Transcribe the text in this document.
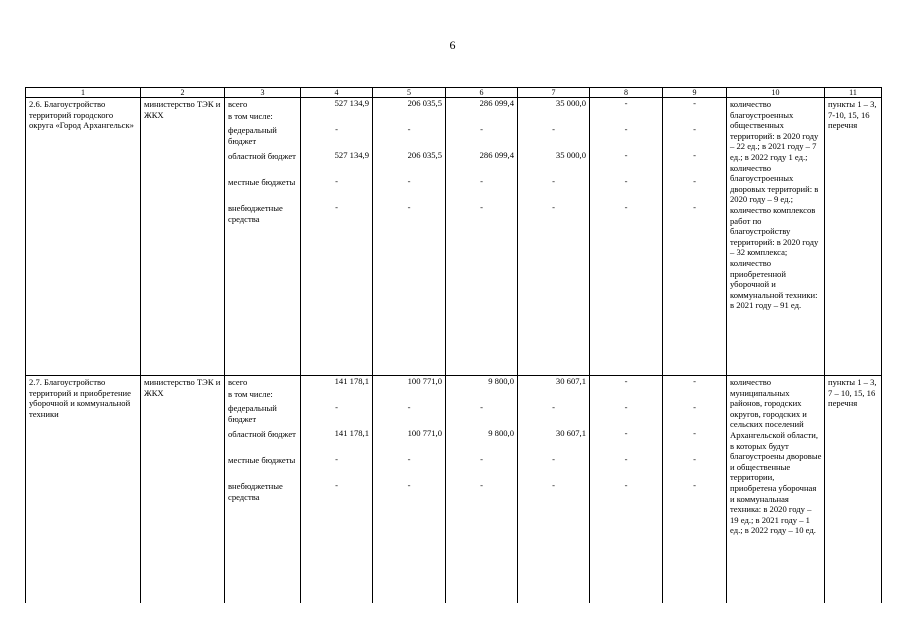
6
1	2	3	4	5	6	7	8	9	10	11
2.6. Благоустройство территорий городского округа «Город Архангельск»	министерство ТЭК и ЖКХ	всего	527 134,9	206 035,5	286 099,4	35 000,0	-	-	количество благоустроенных общественных территорий: в 2020 году – 22 ед.; в 2021 году – 7 ед.; в 2022 году 1 ед.; количество благоустроенных дворовых территорий: в 2020 году – 9 ед.; количество комплексов работ по благоустройству территорий: в 2020 году – 32 комплекса; количество приобретенной уборочной и коммунальной техники: в 2021 году – 91 ед.	пункты 1 – 3, 7-10, 15, 16 перечня
		в том числе:								
		федеральный бюджет	-	-	-	-	-	-		
		областной бюджет	527 134,9	206 035,5	286 099,4	35 000,0	-	-		
		местные бюджеты	-	-	-	-	-	-		
		внебюджетные средства	-	-	-	-	-	-		

2.7. Благоустройство территорий и приобретение уборочной и коммунальной техники	министерство ТЭК и ЖКХ	всего	141 178,1	100 771,0	9 800,0	30 607,1	-	-	количество муниципальных районов, городских округов, городских и сельских поселений Архангельской области, в которых будут благоустроены дворовые и общественные территории, приобретена уборочная и коммунальная техника: в 2020 году – 19 ед.; в 2021 году – 1 ед.; в 2022 году – 10 ед.	пункты 1 – 3, 7 – 10, 15, 16 перечня
		в том числе:								
		федеральный бюджет	-	-	-	-	-	-		
		областной бюджет	141 178,1	100 771,0	9 800,0	30 607,1	-	-		
		местные бюджеты	-	-	-	-	-	-		
		внебюджетные средства	-	-	-	-	-	-		
